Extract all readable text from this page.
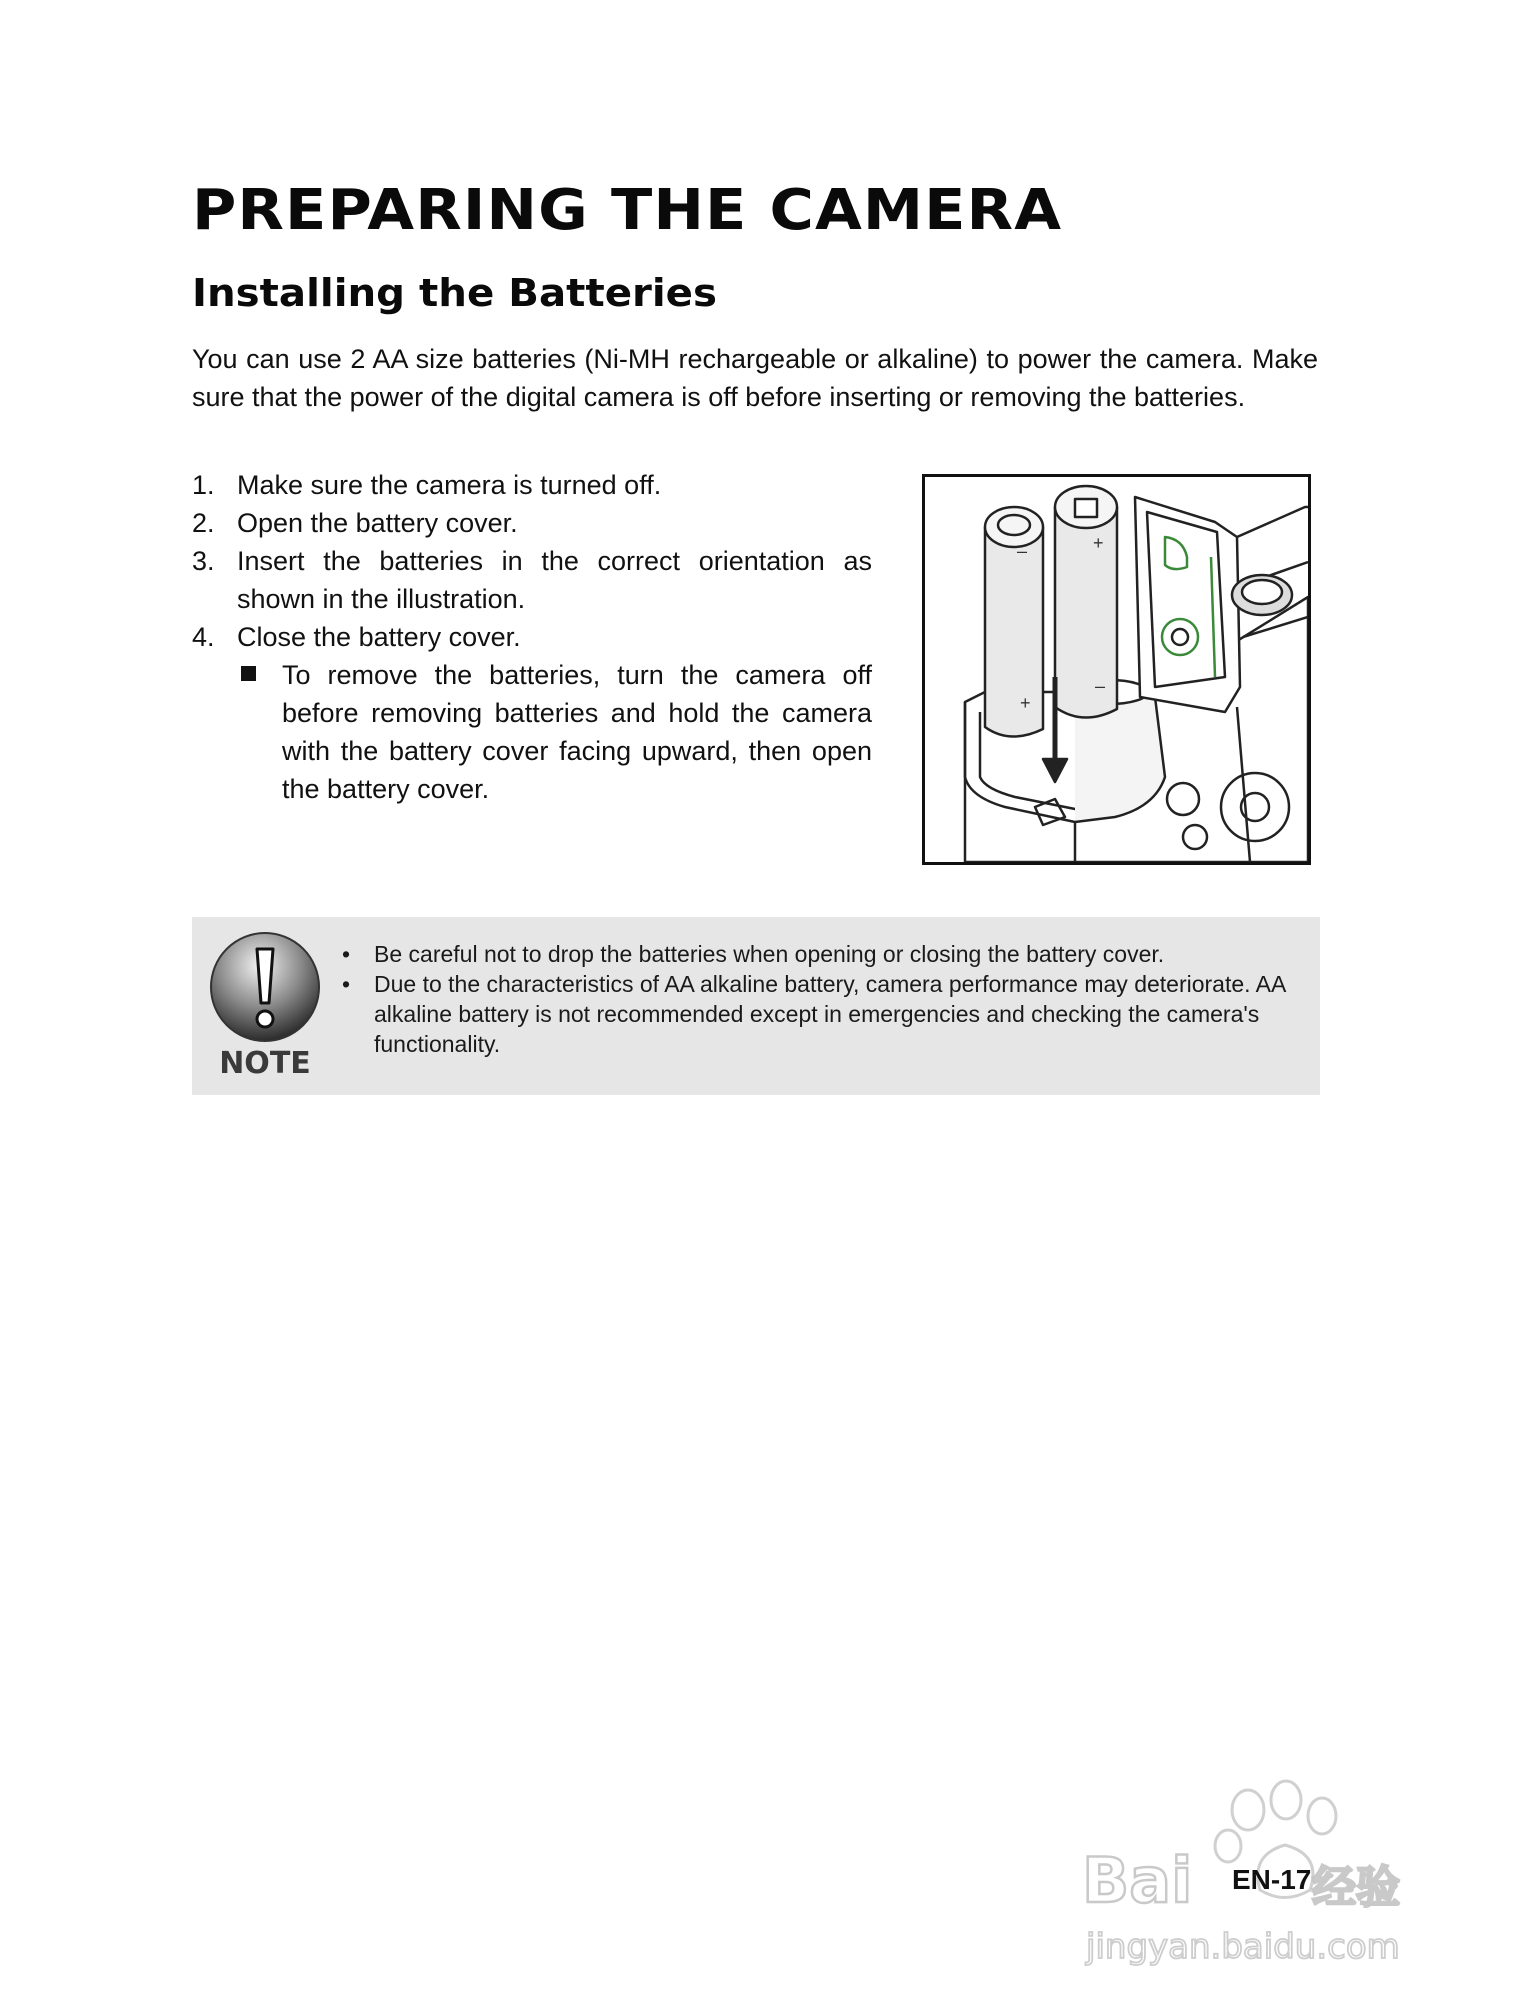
PREPARING THE CAMERA
Installing the Batteries

You can use 2 AA size batteries (Ni-MH rechargeable or alkaline) to power the camera. Make sure that the power of the digital camera is off before inserting or removing the batteries.

1. Make sure the camera is turned off.
2. Open the battery cover.
3. Insert the batteries in the correct orientation as shown in the illustration.
4. Close the battery cover.
To remove the batteries, turn the camera off before removing batteries and hold the camera with the battery cover facing upward, then open the battery cover.
–
+
+
–
NOTE
• Be careful not to drop the batteries when opening or closing the battery cover.
• Due to the characteristics of AA alkaline battery, camera performance may deteriorate. AA alkaline battery is not recommended except in emergencies and checking the camera's functionality.
Bai	经验
jingyan.baidu.com

EN-17
